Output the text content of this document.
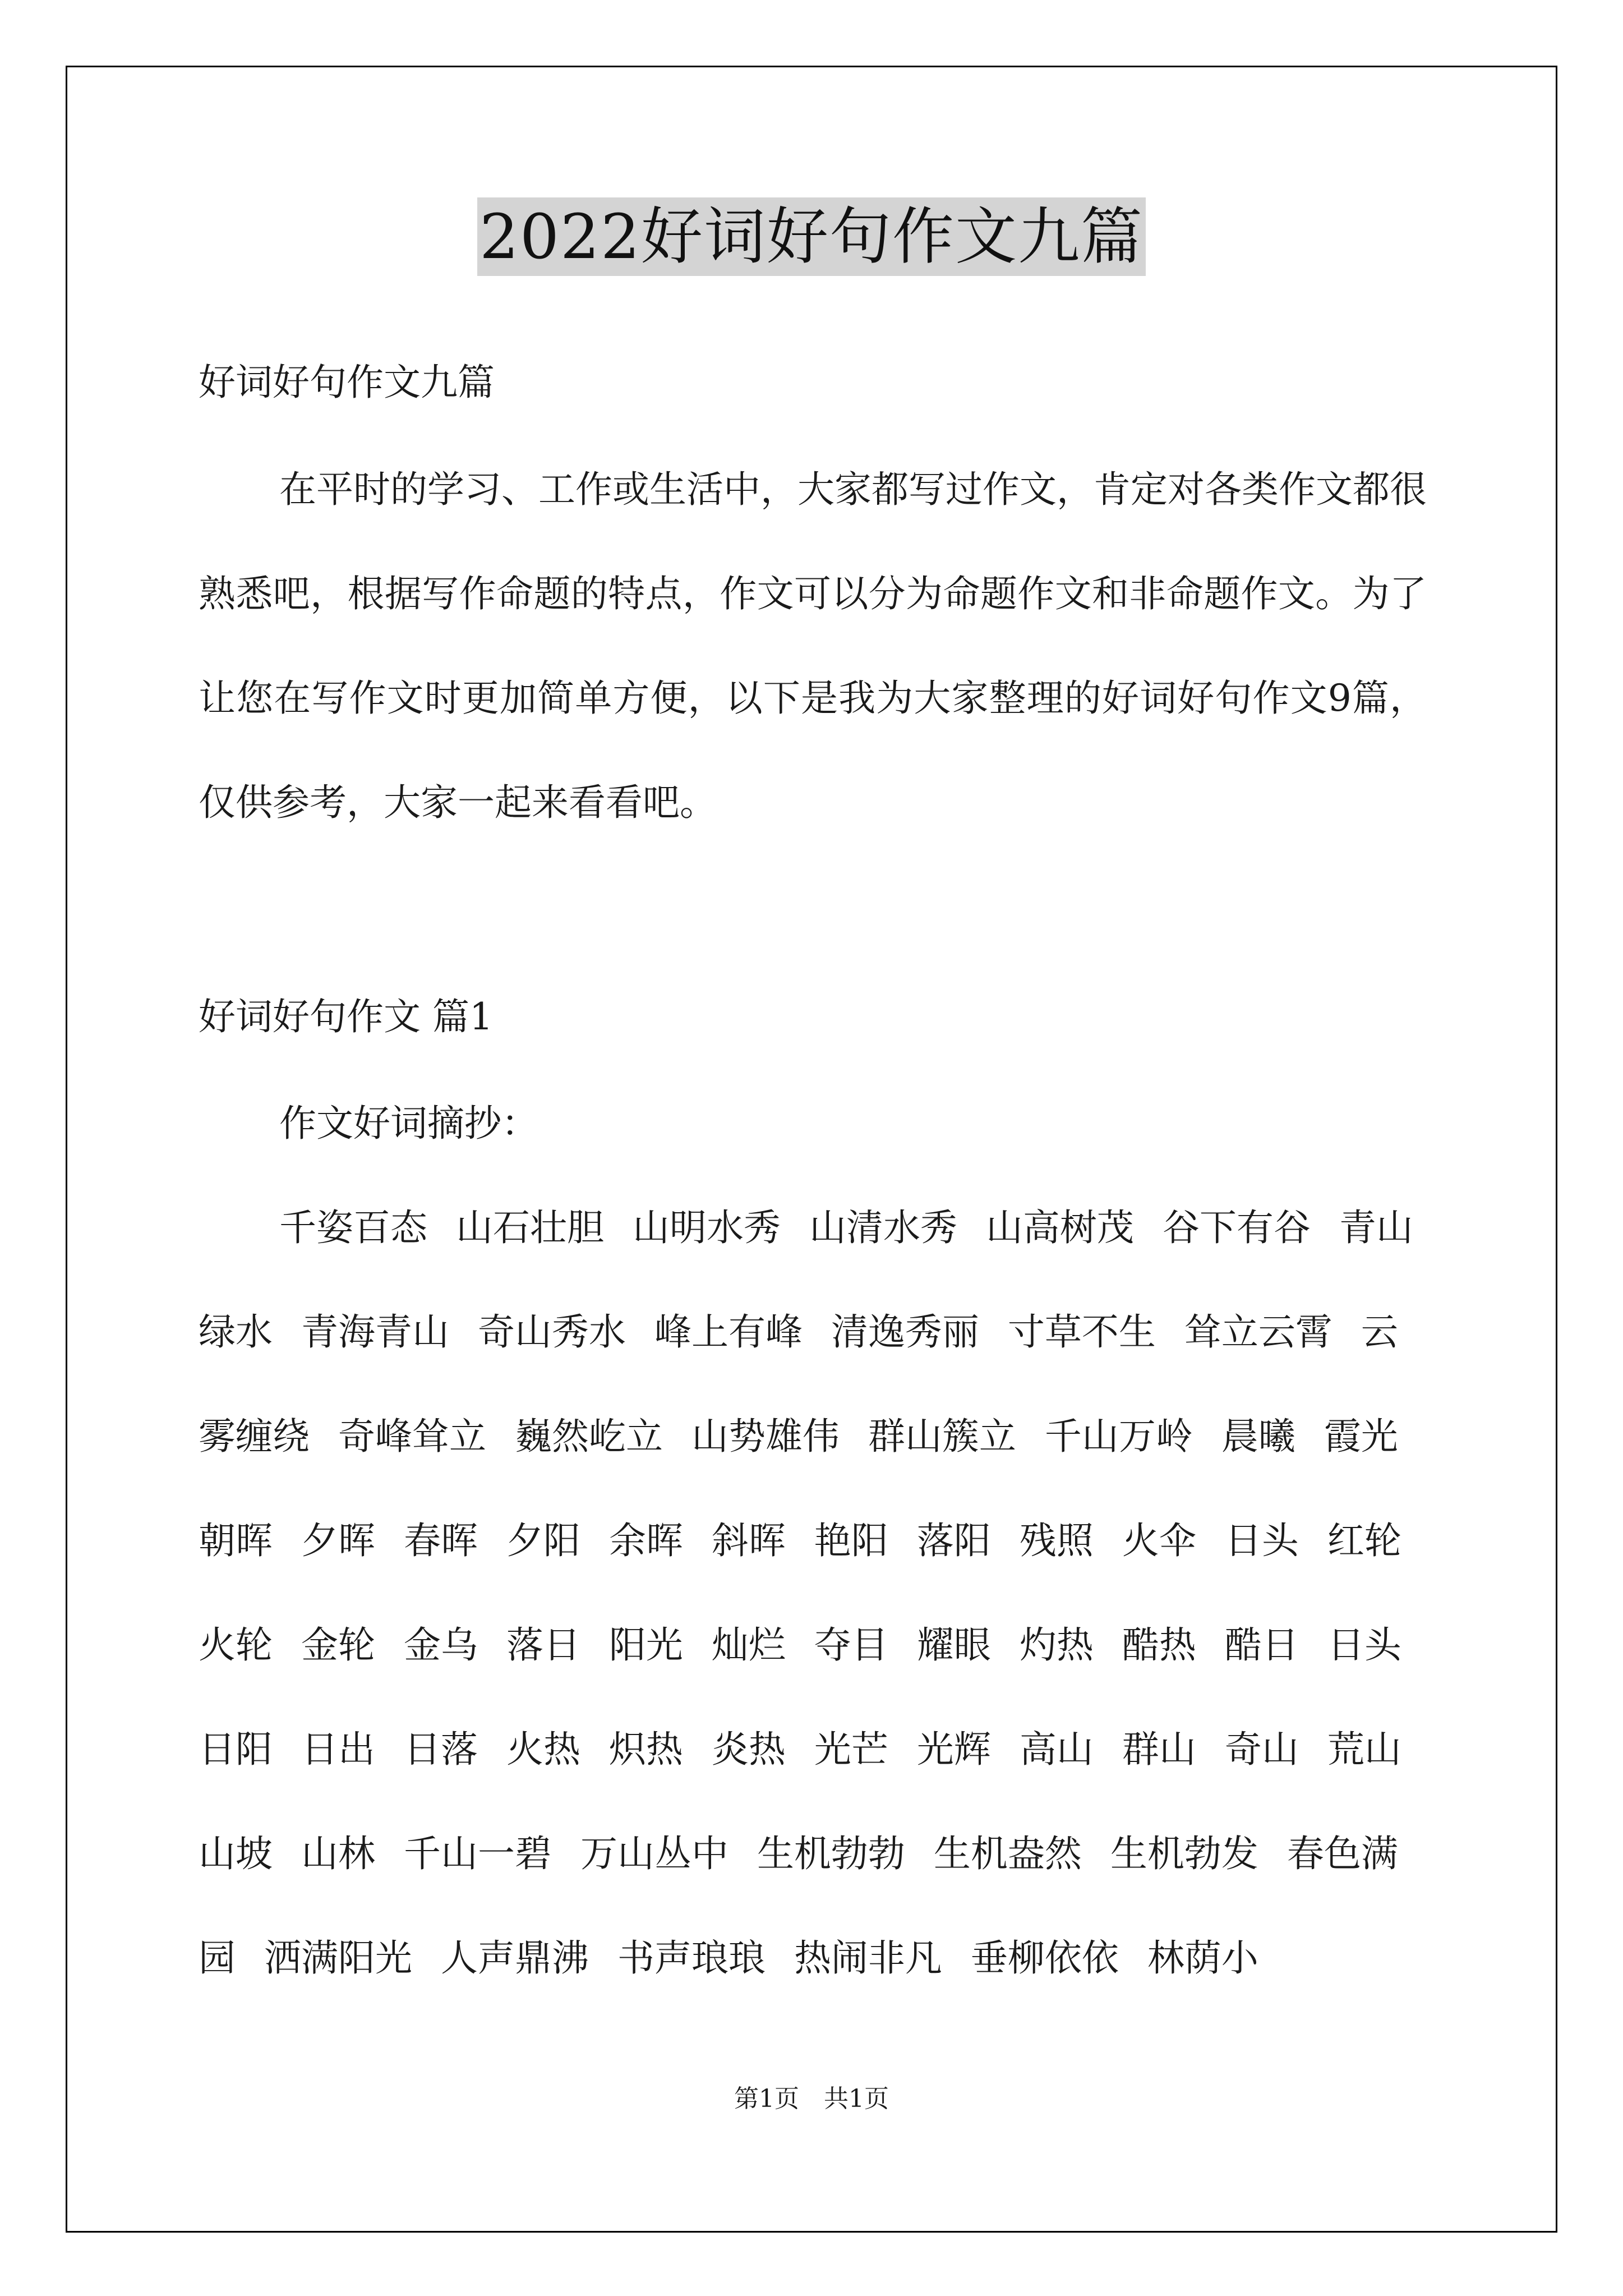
2022好词好句作文九篇
好词好句作文九篇

在平时的学习、工作或生活中，大家都写过作文，肯定对各类作文都很熟悉吧，根据写作命题的特点，作文可以分为命题作文和非命题作文。为了让您在写作文时更加简单方便，以下是我为大家整理的好词好句作文9篇，仅供参考，大家一起来看看吧。

好词好句作文 篇1
作文好词摘抄：

千姿百态 山石壮胆 山明水秀 山清水秀 山高树茂 谷下有谷 青山绿水 青海青山 奇山秀水 峰上有峰 清逸秀丽 寸草不生 耸立云霄 云雾缠绕 奇峰耸立 巍然屹立 山势雄伟 群山簇立 千山万岭 晨曦 霞光 朝晖 夕晖 春晖 夕阳 余晖 斜晖 艳阳 落阳 残照 火伞 日头 红轮 火轮 金轮 金乌 落日 阳光 灿烂 夺目 耀眼 灼热 酷热 酷日 日头 日阳 日出 日落 火热 炽热 炎热 光芒 光辉 高山 群山 奇山 荒山 山坡 山林 千山一碧 万山丛中 生机勃勃 生机盎然 生机勃发 春色满园 洒满阳光 人声鼎沸 书声琅琅 热闹非凡 垂柳依依 林荫小

第1页 共1页
